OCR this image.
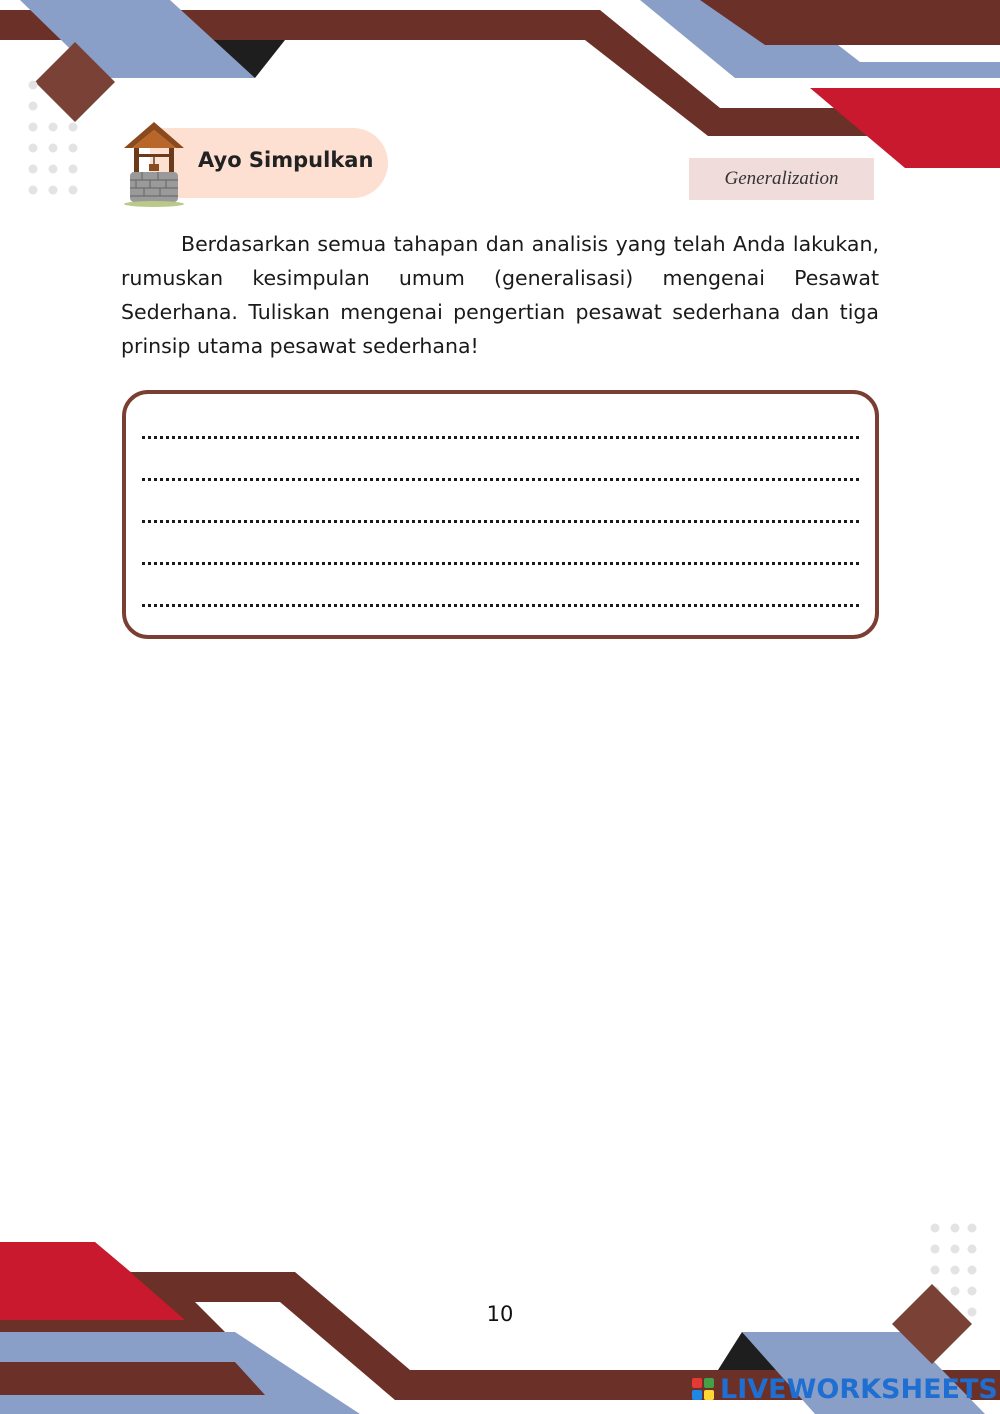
Ayo Simpulkan
Generalization

Berdasarkan semua tahapan dan analisis yang telah Anda lakukan, rumuskan kesimpulan umum (generalisasi) mengenai Pesawat Sederhana. Tuliskan mengenai pengertian pesawat sederhana dan tiga prinsip utama pesawat sederhana!

10
LIVEWORKSHEETS
